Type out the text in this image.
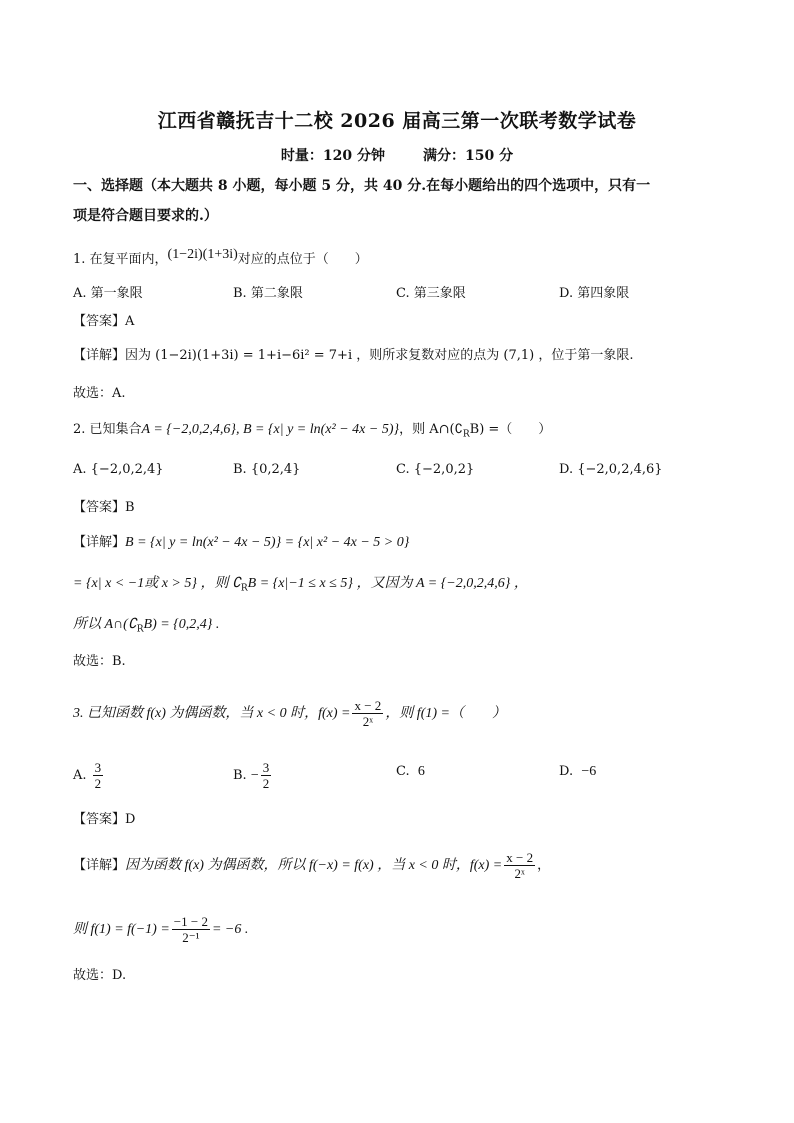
江西省赣抚吉十二校 2026 届高三第一次联考数学试卷
时量：120 分钟	满分：150 分
一、选择题（本大题共 8 小题，每小题 5 分，共 40 分.在每小题给出的四个选项中，只有一
项是符合题目要求的.）
1. 在复平面内，(1−2i)(1+3i)对应的点位于（　　）
A. 第一象限	B. 第二象限	C. 第三象限	D. 第四象限
【答案】A
【详解】因为 (1−2i)(1+3i) = 1+i−6i² = 7+i ，则所求复数对应的点为 (7,1) ，位于第一象限.
故选：A.
2. 已知集合A = {−2,0,2,4,6}, B = {x| y = ln(x² − 4x − 5)}，则 $A\cap(∁_RB)$ =（　　）
A. {−2,0,2,4}	B. {0,2,4}	C. {−2,0,2}	D. {−2,0,2,4,6}
【答案】B
【详解】B = {x| y = ln(x² − 4x − 5)} = {x| x² − 4x − 5 > 0}
= {x| x < −1或 x > 5} ，则 $∁_RB = \{x|-1 \le x \le 5\}$ ，又因为 A = {−2,0,2,4,6} ，
所以 $A\cap(∁_RB) = \{0,2,4\}$ .
故选：B.
3. 已知函数 f(x) 为偶函数，当 x < 0 时，$f(x) = \frac{x - 2}{\text{2ˣ}}$ ，则 f(1) =（　　）
A. $\frac{3}{2}$	B. − $\frac{3}{2}$	C. 6	D. −6
【答案】D
【详解】因为函数 f(x) 为偶函数，所以 f(−x) = f(x) ，当 x < 0 时，$f(x) = \frac{x - 2}{\text{2ˣ}}$ ，
则 $f(1) = f(-1) = \frac{-1 - 2}{\text{2⁻¹}} = -6$ .
故选：D.
